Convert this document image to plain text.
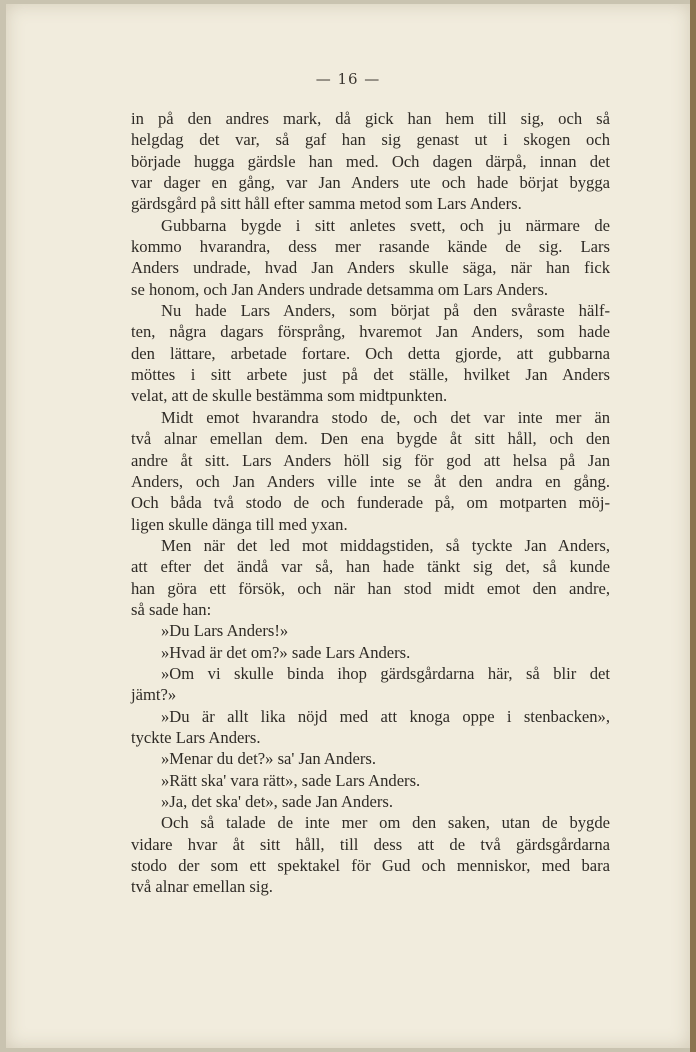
— 16 —

in på den andres mark, då gick han hem till sig, och så
helgdag det var, så gaf han sig genast ut i skogen och
började hugga gärdsle han med. Och dagen därpå, innan det
var dager en gång, var Jan Anders ute och hade börjat bygga
gärdsgård på sitt håll efter samma metod som Lars Anders.

Gubbarna bygde i sitt anletes svett, och ju närmare de
kommo hvarandra, dess mer rasande kände de sig. Lars
Anders undrade, hvad Jan Anders skulle säga, när han fick
se honom, och Jan Anders undrade detsamma om Lars Anders.

Nu hade Lars Anders, som börjat på den svåraste hälf-
ten, några dagars försprång, hvaremot Jan Anders, som hade
den lättare, arbetade fortare. Och detta gjorde, att gubbarna
möttes i sitt arbete just på det ställe, hvilket Jan Anders
velat, att de skulle bestämma som midtpunkten.

Midt emot hvarandra stodo de, och det var inte mer än
två alnar emellan dem. Den ena bygde åt sitt håll, och den
andre åt sitt. Lars Anders höll sig för god att helsa på Jan
Anders, och Jan Anders ville inte se åt den andra en gång.
Och båda två stodo de och funderade på, om motparten möj-
ligen skulle dänga till med yxan.

Men när det led mot middagstiden, så tyckte Jan Anders,
att efter det ändå var så, han hade tänkt sig det, så kunde
han göra ett försök, och när han stod midt emot den andre,
så sade han:

»Du Lars Anders!»

»Hvad är det om?» sade Lars Anders.

»Om vi skulle binda ihop gärdsgårdarna här, så blir det
jämt?»

»Du är allt lika nöjd med att knoga oppe i stenbacken»,
tyckte Lars Anders.

»Menar du det?» sa' Jan Anders.

»Rätt ska' vara rätt», sade Lars Anders.

»Ja, det ska' det», sade Jan Anders.

Och så talade de inte mer om den saken, utan de bygde
vidare hvar åt sitt håll, till dess att de två gärdsgårdarna
stodo der som ett spektakel för Gud och menniskor, med bara
två alnar emellan sig.
